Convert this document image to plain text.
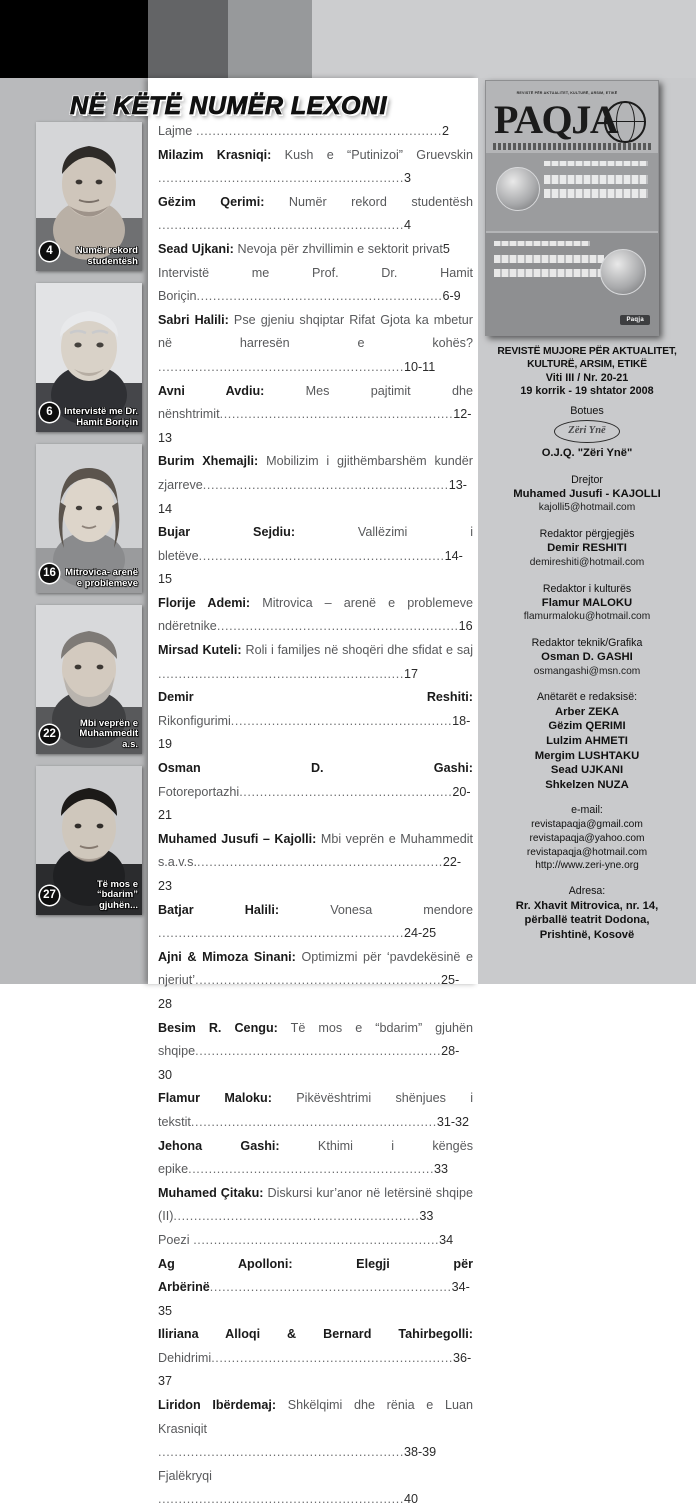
NË KËTË NUMËR LEXONI
4	Numër rekord studentësh
6	Intervistë me Dr. Hamit Boriçin
16 Mitrovica- arenë e problemeve
22
Mbi veprën e Muhammedit a.s.
27
Të mos e “bdarim” gjuhën...

Lajme ............................................................2

Milazim Krasniqi: Kush e “Putinizoi” Gruevskin ............................................................3

Gëzim Qerimi: Numër rekord studentësh ............................................................4

Sead Ujkani: Nevoja për zhvillimin e sektorit privat5

Intervistë me Prof. Dr. Hamit Boriçin............................................................6-9

Sabri Halili: Pse gjeniu shqiptar Rifat Gjota ka mbetur në harresën e kohës? ............................................................10-11

Avni Avdiu: Mes pajtimit dhe nënshtrimit.........................................................12-13

Burim Xhemajli: Mobilizim i gjithëmbarshëm kundër zjarreve............................................................13-14

Bujar Sejdiu: Vallëzimi i bletëve............................................................14-15

Florije Ademi: Mitrovica – arenë e problemeve ndëretnike...........................................................16

Mirsad Kuteli: Roli i familjes në shoqëri dhe sfidat e saj ............................................................17

Demir Reshiti: Rikonfigurimi......................................................18-19

Osman D. Gashi: Fotoreportazhi....................................................20-21

Muhamed Jusufi – Kajolli: Mbi veprën e Muhammedit s.a.v.s.............................................................22-23

Batjar Halili: Vonesa mendore ............................................................24-25

Ajni & Mimoza Sinani: Optimizmi për ‘pavdekësinë e njeriut’............................................................25-28

Besim R. Cengu: Të mos e “bdarim” gjuhën shqipe............................................................28-30

Flamur Maloku: Pikëvështrimi shënjues i tekstit............................................................31-32

Jehona Gashi: Kthimi i këngës epike............................................................33

Muhamed Çitaku: Diskursi kur’anor në letërsinë shqipe (II)............................................................33

Poezi ............................................................34

Ag Apolloni: Elegji për Arbërinë...........................................................34-35

Iliriana Alloqi & Bernard Tahirbegolli: Dehidrimi...........................................................36-37

Liridon Ibërdemaj: Shkëlqimi dhe rënia e Luan Krasniqit ............................................................38-39

Fjalëkryqi ............................................................40

REVISTË PËR AKTUALITET, KULTURË, ARSIM, ETIKË
PAQJA
Paqja
REVISTË MUJORE PËR AKTUALITET,
KULTURË, ARSIM, ETIKË
Viti III / Nr. 20-21
19 korrik - 19 shtator 2008
Botues
Zëri Ynë
O.J.Q. "Zëri Ynë"
Drejtor
Muhamed Jusufi - KAJOLLI
kajolli5@hotmail.com
Redaktor përgjegjës
Demir RESHITI
demireshiti@hotmail.com
Redaktor i kulturës
Flamur MALOKU
flamurmaloku@hotmail.com
Redaktor teknik/Grafika
Osman D. GASHI
osmangashi@msn.com
Anëtarët e redaksisë:
Arber ZEKA
Gëzim QERIMI
Lulzim AHMETI
Mergim LUSHTAKU
Sead UJKANI
Shkelzen NUZA
e-mail:
revistapaqja@gmail.com
revistapaqja@yahoo.com
revistapaqja@hotmail.com
http://www.zeri-yne.org
Adresa:
Rr. Xhavit Mitrovica, nr. 14,
përballë teatrit Dodona,
Prishtinë, Kosovë
